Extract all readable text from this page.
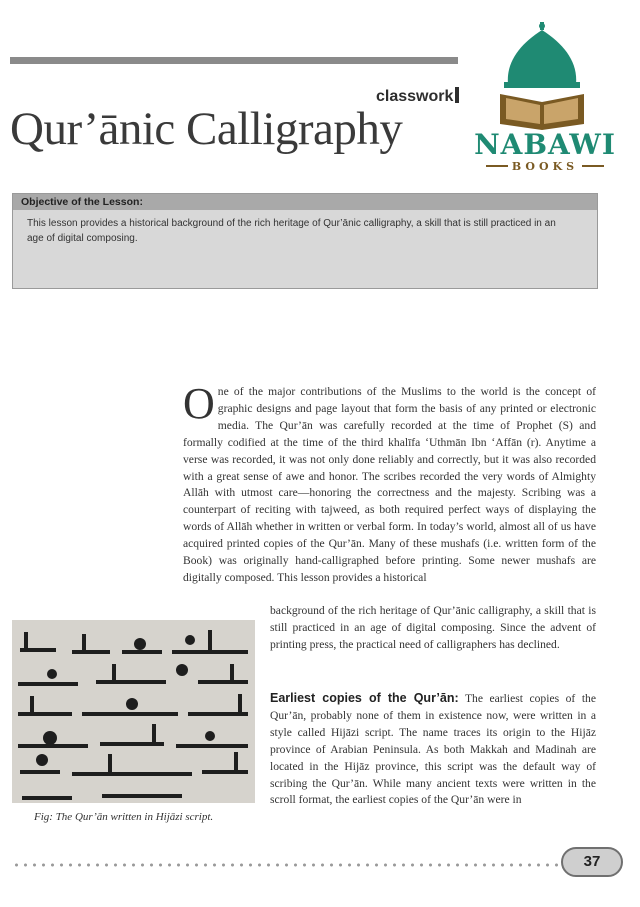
classwork
Qur’ānic Calligraphy	NABAWI
BOOKS
Objective of the Lesson:
This lesson provides a historical background of the rich heritage of Qur’ānic calligraphy, a skill that is still practiced in an age of digital composing.

One of the major contributions of the Muslims to the world is the concept of graphic designs and page layout that form the basis of any printed or electronic media. The Qur’ān was carefully recorded at the time of Prophet (S) and formally codified at the time of the third khalīfa ‘Uthmān Ibn ‘Affān (r). Anytime a verse was recorded, it was not only done reliably and correctly, but it was also recorded with a great sense of awe and honor. The scribes recorded the very words of Almighty Allāh with utmost care—honoring the correctness and the majesty. Scribing was a counterpart of reciting with tajweed, as both required perfect ways of displaying the words of Allāh whether in written or verbal form. In today’s world, almost all of us have acquired printed copies of the Qur’ān. Many of these mushafs (i.e. written form of the Book) was originally hand-calligraphed before printing. Some newer mushafs are digitally composed. This lesson provides a historical

background of the rich heritage of Qur’ānic calligraphy, a skill that is still practiced in an age of digital composing. Since the advent of printing press, the practical need of calligraphers has declined.

Earliest copies of the Qur’ān: The earliest copies of the Qur’ān, probably none of them in existence now, were written in a style called Hijāzi script. The name traces its origin to the Hijāz province of Arabian Peninsula. As both Makkah and Madinah are located in the Hijāz province, this script was the default way of scribing the Qur’ān. While many ancient texts were written in the scroll format, the earliest copies of the Qur’ān were in

Fig: The Qur’ān written in Hijāzi script.
37
